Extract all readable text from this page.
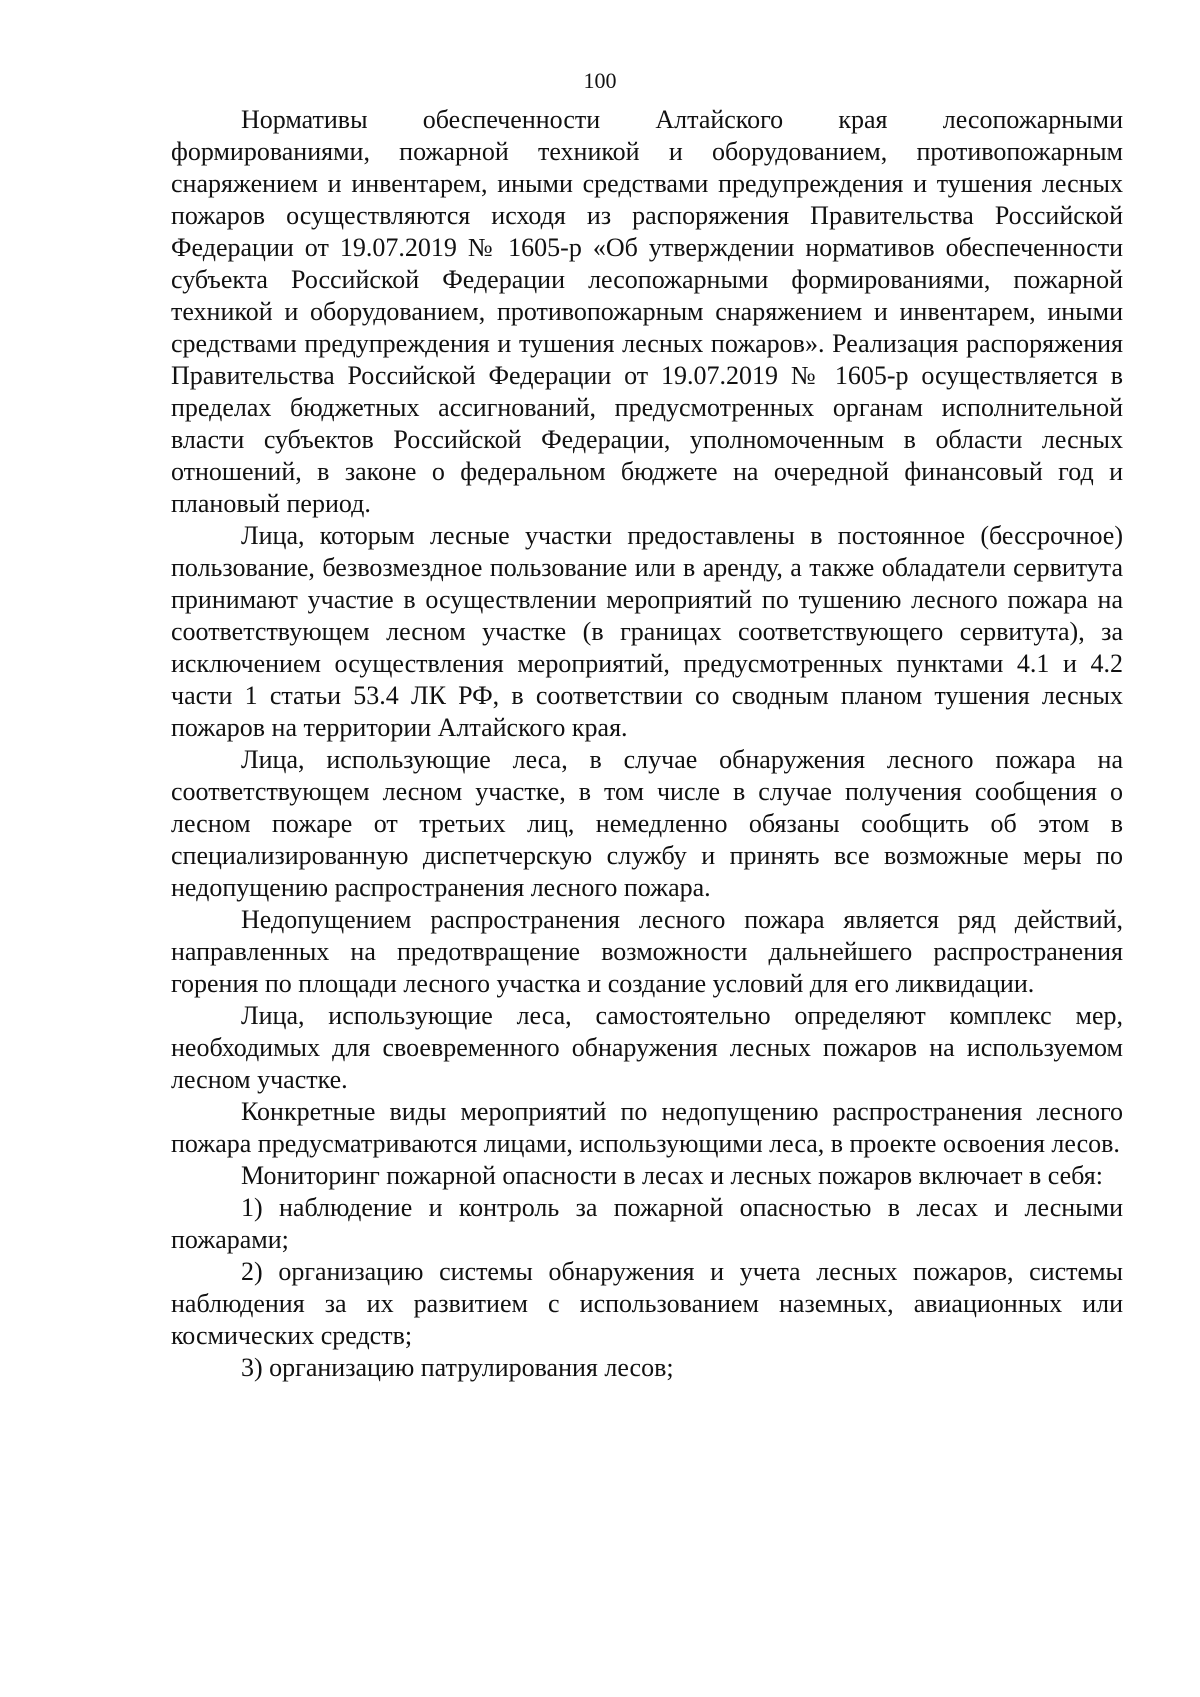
100

Нормативы обеспеченности Алтайского края лесопожарными формированиями, пожарной техникой и оборудованием, противопожарным снаряжением и инвентарем, иными средствами предупреждения и тушения лесных пожаров осуществляются исходя из распоряжения Правительства Российской Федерации от 19.07.2019 № 1605-р «Об утверждении нормативов обеспеченности субъекта Российской Федерации лесопожарными формированиями, пожарной техникой и оборудованием, противопожарным снаряжением и инвентарем, иными средствами предупреждения и тушения лесных пожаров». Реализация распоряжения Правительства Российской Федерации от 19.07.2019 № 1605-р осуществляется в пределах бюджетных ассигнований, предусмотренных органам исполнительной власти субъектов Российской Федерации, уполномоченным в области лесных отношений, в законе о федеральном бюджете на очередной финансовый год и плановый период.

Лица, которым лесные участки предоставлены в постоянное (бессрочное) пользование, безвозмездное пользование или в аренду, а также обладатели сервитута принимают участие в осуществлении мероприятий по тушению лесного пожара на соответствующем лесном участке (в границах соответствующего сервитута), за исключением осуществления мероприятий, предусмотренных пунктами 4.1 и 4.2 части 1 статьи 53.4 ЛК РФ, в соответствии со сводным планом тушения лесных пожаров на территории Алтайского края.

Лица, использующие леса, в случае обнаружения лесного пожара на соответствующем лесном участке, в том числе в случае получения сообщения о лесном пожаре от третьих лиц, немедленно обязаны сообщить об этом в специализированную диспетчерскую службу и принять все возможные меры по недопущению распространения лесного пожара.

Недопущением распространения лесного пожара является ряд действий, направленных на предотвращение возможности дальнейшего распространения горения по площади лесного участка и создание условий для его ликвидации.

Лица, использующие леса, самостоятельно определяют комплекс мер, необходимых для своевременного обнаружения лесных пожаров на используемом лесном участке.

Конкретные виды мероприятий по недопущению распространения лесного пожара предусматриваются лицами, использующими леса, в проекте освоения лесов.

Мониторинг пожарной опасности в лесах и лесных пожаров включает в себя:

1) наблюдение и контроль за пожарной опасностью в лесах и лесными пожарами;

2) организацию системы обнаружения и учета лесных пожаров, системы наблюдения за их развитием с использованием наземных, авиационных или космических средств;

3) организацию патрулирования лесов;
